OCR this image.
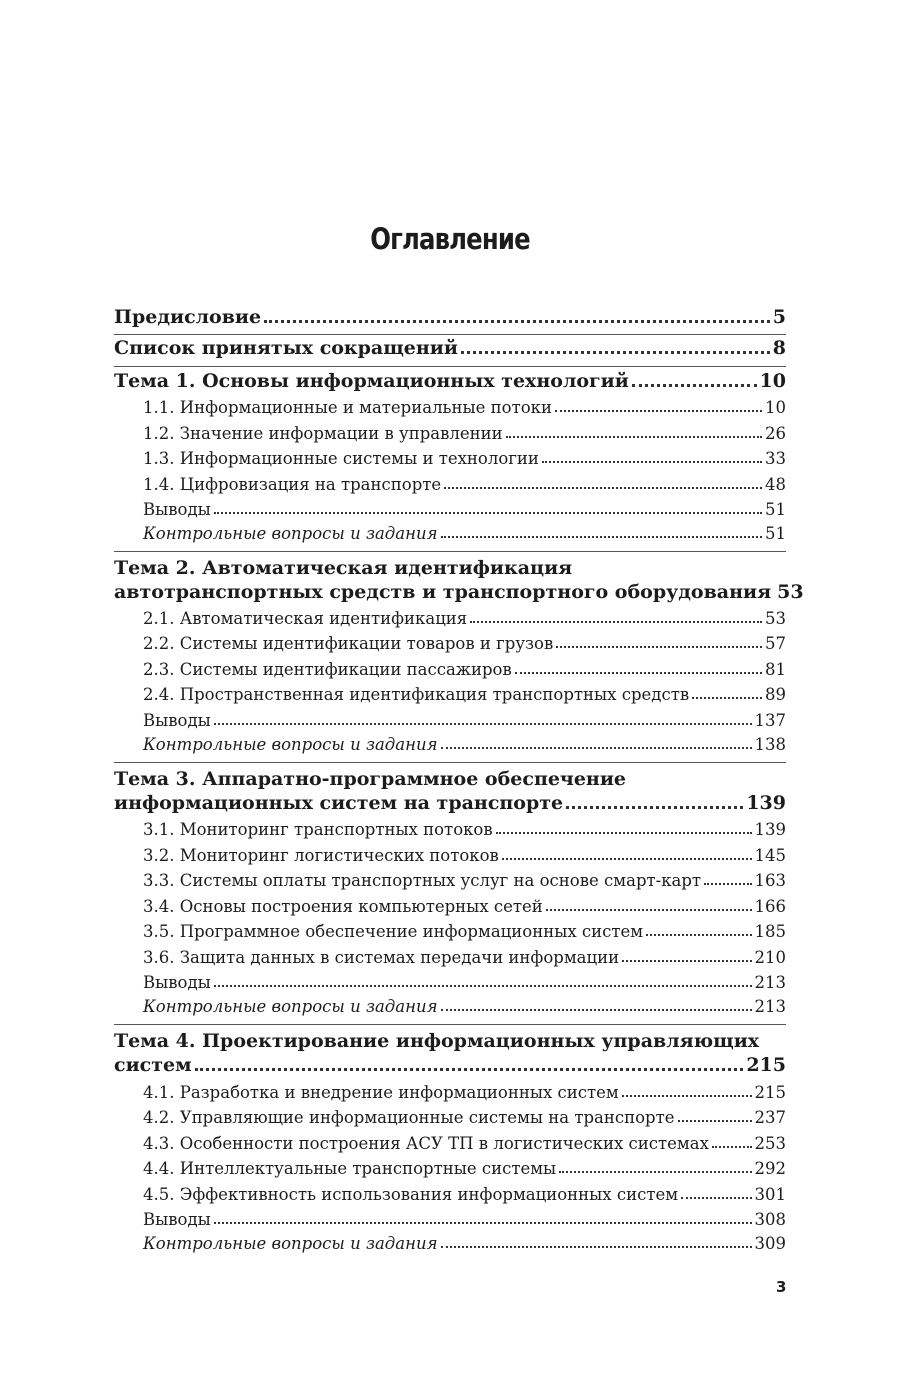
Оглавление
Предисловие	5
Список принятых сокращений	8
Тема 1. Основы информационных технологий	10
1.1. Информационные и материальные потоки	10
1.2. Значение информации в управлении	26
1.3. Информационные системы и технологии	33
1.4. Цифровизация на транспорте	48
Выводы	51
Контрольные вопросы и задания	51
Тема 2. Автоматическая идентификация
автотранспортных средств и транспортного оборудования 53
2.1. Автоматическая идентификация	53
2.2. Системы идентификации товаров и грузов	57
2.3. Системы идентификации пассажиров	81
2.4. Пространственная идентификация транспортных средств	89
Выводы	137
Контрольные вопросы и задания	138
Тема 3. Аппаратно-программное обеспечение
информационных систем на транспорте	139
3.1. Мониторинг транспортных потоков	139
3.2. Мониторинг логистических потоков	145
3.3. Системы оплаты транспортных услуг на основе смарт-карт	163
3.4. Основы построения компьютерных сетей	166
3.5. Программное обеспечение информационных систем	185
3.6. Защита данных в системах передачи информации	210
Выводы	213
Контрольные вопросы и задания	213
Тема 4. Проектирование информационных управляющих
систем	215
4.1. Разработка и внедрение информационных систем	215
4.2. Управляющие информационные системы на транспорте	237
4.3. Особенности построения АСУ ТП в логистических системах	253
4.4. Интеллектуальные транспортные системы	292
4.5. Эффективность использования информационных систем	301
Выводы	308
Контрольные вопросы и задания	309
3
